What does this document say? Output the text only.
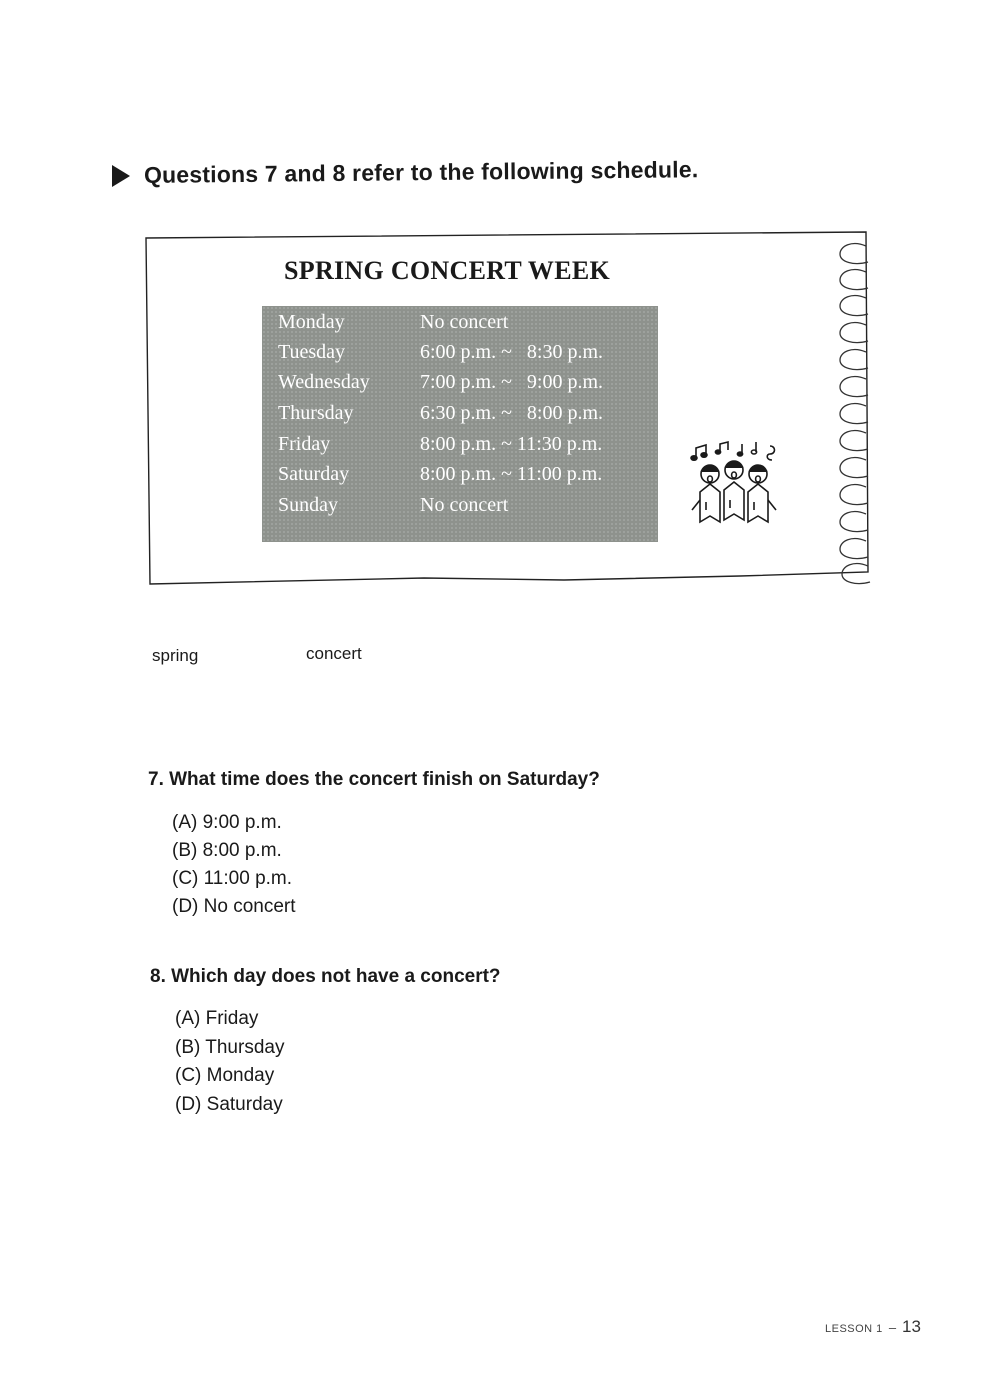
Questions 7 and 8 refer to the following schedule.
SPRING CONCERT WEEK
Monday	No concert
Tuesday	6:00 p.m. ~   8:30 p.m.
Wednesday	7:00 p.m. ~   9:00 p.m.
Thursday	6:30 p.m. ~   8:00 p.m.
Friday	8:00 p.m. ~ 11:30 p.m.
Saturday	8:00 p.m. ~ 11:00 p.m.
Sunday	No concert
spring	concert
7. What time does the concert finish on Saturday?
(A) 9:00 p.m.
(B) 8:00 p.m.
(C) 11:00 p.m.
(D) No concert
8. Which day does not have a concert?
(A) Friday
(B) Thursday
(C) Monday
(D) Saturday
LESSON 1 – 13
